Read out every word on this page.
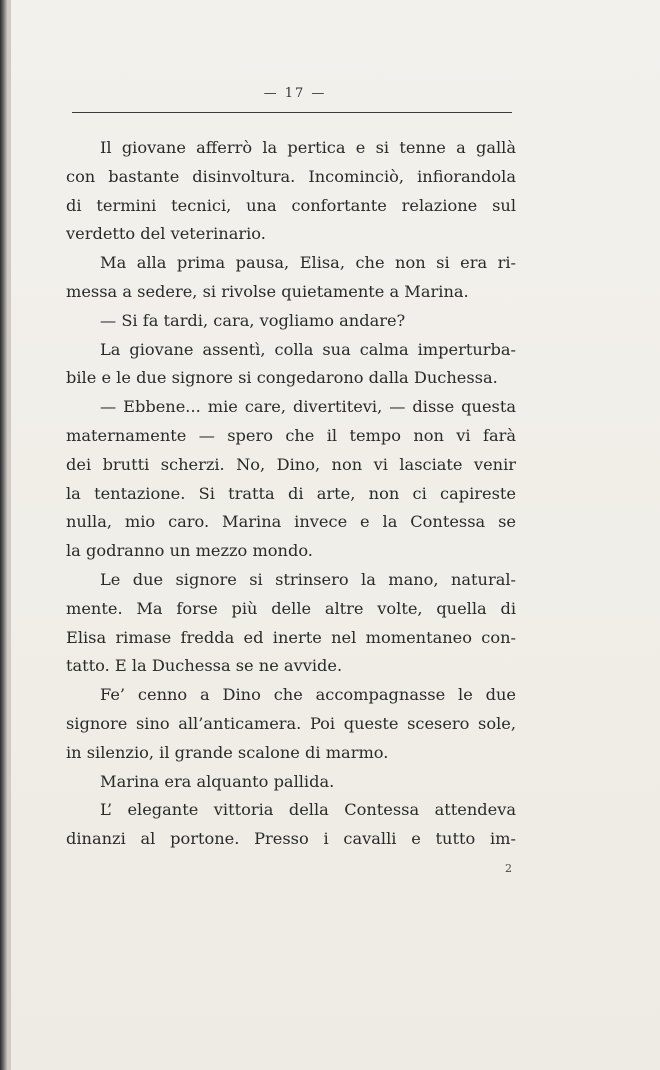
— 17 —
Il giovane afferrò la pertica e si tenne a gallà
con bastante disinvoltura. Incominciò, infiorandola
di termini tecnici, una confortante relazione sul
verdetto del veterinario.
Ma alla prima pausa, Elisa, che non si era ri-
messa a sedere, si rivolse quietamente a Marina.
— Si fa tardi, cara, vogliamo andare?
La giovane assentì, colla sua calma imperturba-
bile e le due signore si congedarono dalla Duchessa.
— Ebbene... mie care, divertitevi, — disse questa
maternamente — spero che il tempo non vi farà
dei brutti scherzi. No, Dino, non vi lasciate venir
la tentazione. Si tratta di arte, non ci capireste
nulla, mio caro. Marina invece e la Contessa se
la godranno un mezzo mondo.
Le due signore si strinsero la mano, natural-
mente. Ma forse più delle altre volte, quella di
Elisa rimase fredda ed inerte nel momentaneo con-
tatto. E la Duchessa se ne avvide.
Fe’ cenno a Dino che accompagnasse le due
signore sino all’anticamera. Poi queste scesero sole,
in silenzio, il grande scalone di marmo.
Marina era alquanto pallida.
L’ elegante vittoria della Contessa attendeva
dinanzi al portone. Presso i cavalli e tutto im-
2
